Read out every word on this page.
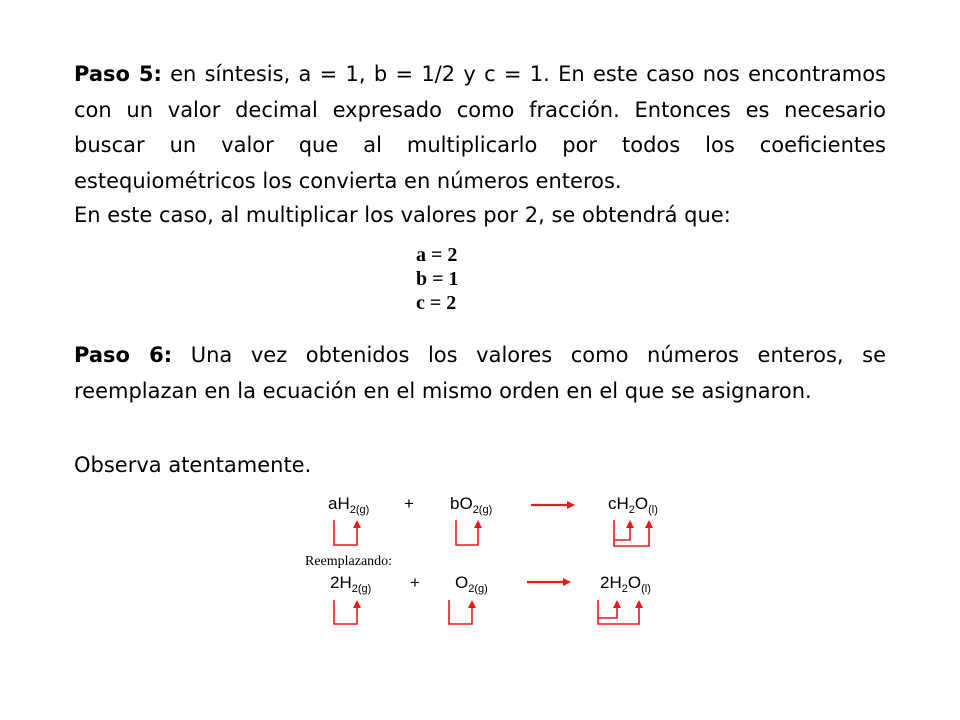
Paso 5: en síntesis, a = 1, b = 1/2 y c = 1. En este caso nos encontramos con un valor decimal expresado como fracción. Entonces es necesario buscar un valor que al multiplicarlo por todos los coeficientes estequiométricos los convierta en números enteros.

En este caso, al multiplicar los valores por 2, se obtendrá que:

a = 2
b = 1
c = 2

Paso 6: Una vez obtenidos los valores como números enteros, se reemplazan en la ecuación en el mismo orden en el que se asignaron.

Observa atentamente.

$aH_{2(g)} + bO_{2(g)}$	$cH_2O_{(l)}$
Reemplazando:
$2H_{2(g)} + O_{2(g)}$	$2H_2O_{(l)}$
